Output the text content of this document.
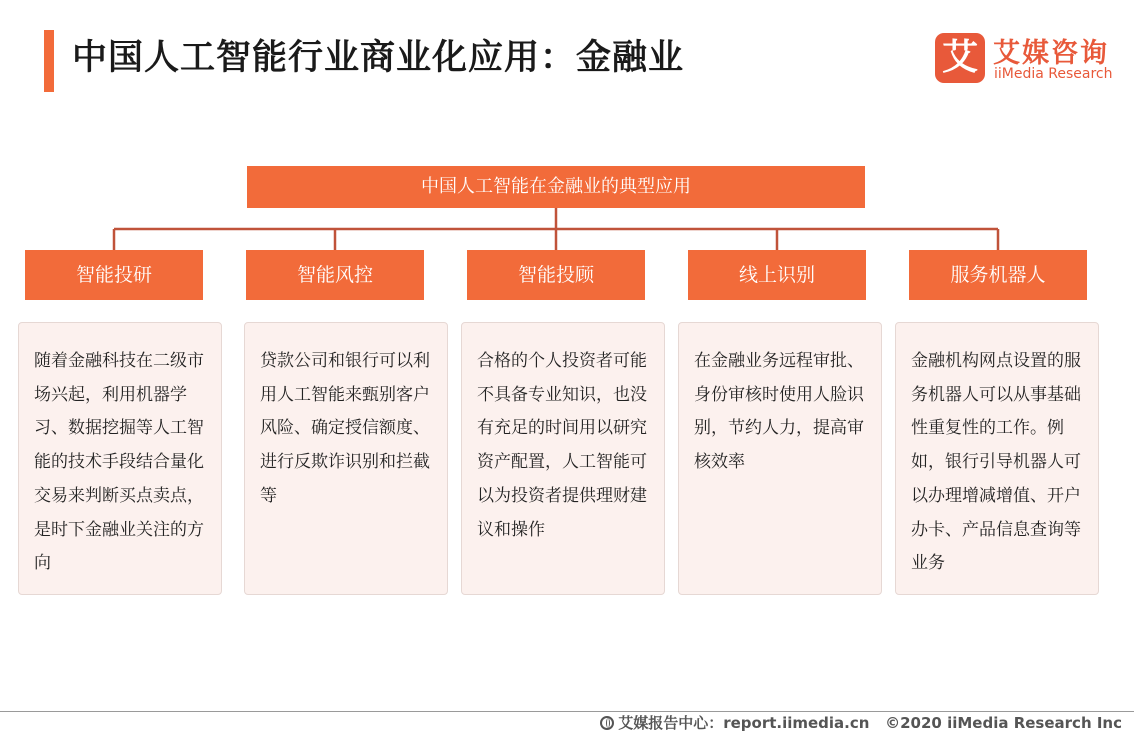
中国人工智能行业商业化应用：金融业	艾 艾媒咨询
iiMedia Research
中国人工智能在金融业的典型应用
智能投研	智能风控	智能投顾	线上识别	服务机器人
随着金融科技在二级市场兴起，利用机器学习、数据挖掘等人工智能的技术手段结合量化交易来判断买点卖点，是时下金融业关注的方向
贷款公司和银行可以利用人工智能来甄别客户风险、确定授信额度、进行反欺诈识别和拦截等
合格的个人投资者可能不具备专业知识，也没有充足的时间用以研究资产配置，人工智能可以为投资者提供理财建议和操作
在金融业务远程审批、身份审核时使用人脸识别，节约人力，提高审核效率
金融机构网点设置的服务机器人可以从事基础性重复性的工作。例如，银行引导机器人可以办理增减增值、开户办卡、产品信息查询等业务
艾媒报告中心：report.iimedia.cn ©2020 iiMedia Research Inc
